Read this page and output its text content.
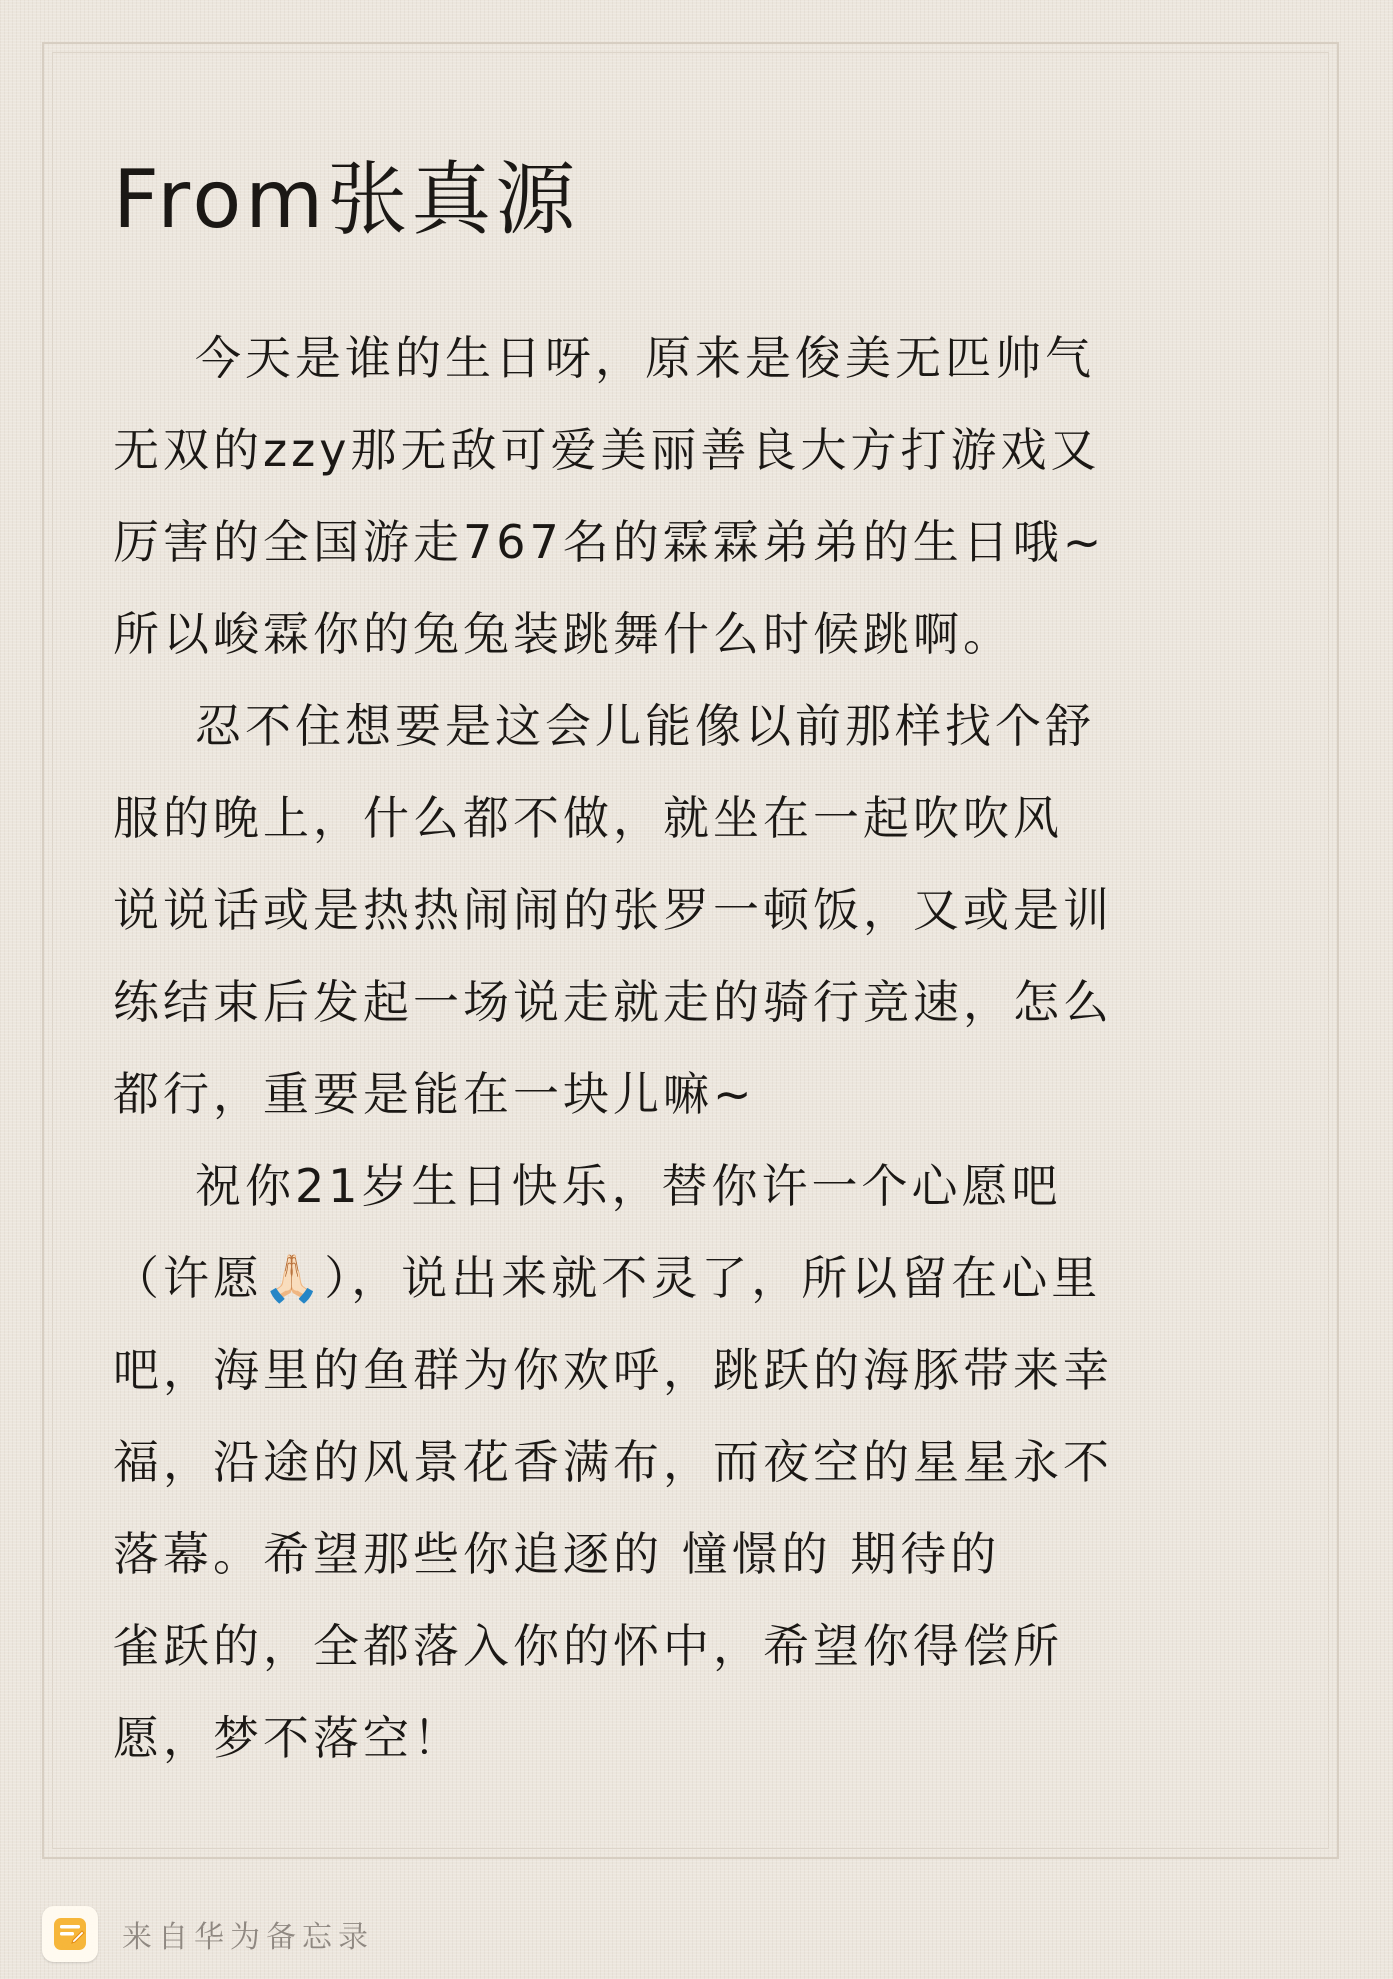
From张真源
今天是谁的生日呀，原来是俊美无匹帅气
无双的zzy那无敌可爱美丽善良大方打游戏又
厉害的全国游走767名的霖霖弟弟的生日哦~
所以峻霖你的兔兔装跳舞什么时候跳啊。
忍不住想要是这会儿能像以前那样找个舒
服的晚上，什么都不做，就坐在一起吹吹风
说说话或是热热闹闹的张罗一顿饭，又或是训
练结束后发起一场说走就走的骑行竞速，怎么
都行，重要是能在一块儿嘛~
祝你21岁生日快乐，替你许一个心愿吧
（许愿🙏🏻），说出来就不灵了，所以留在心里
吧，海里的鱼群为你欢呼，跳跃的海豚带来幸
福，沿途的风景花香满布，而夜空的星星永不
落幕。希望那些你追逐的 憧憬的 期待的
雀跃的，全都落入你的怀中，希望你得偿所
愿，梦不落空！
来自华为备忘录
